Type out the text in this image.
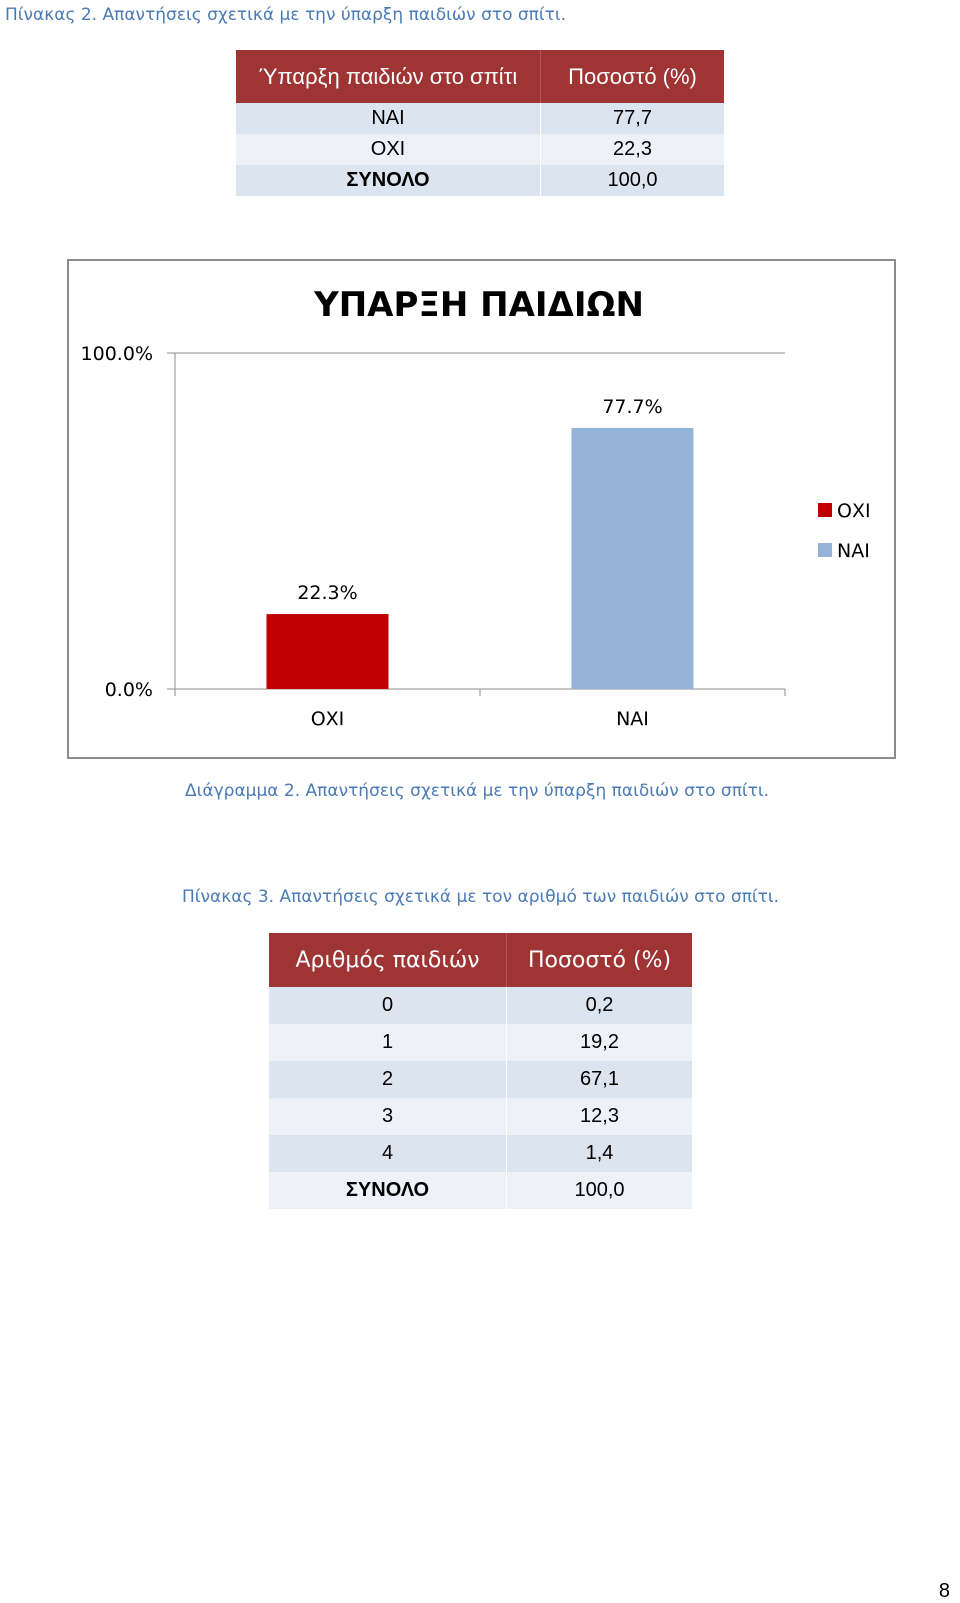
Πίνακας 2. Απαντήσεις σχετικά με την ύπαρξη παιδιών στο σπίτι.
Ύπαρξη παιδιών στο σπίτι	Ποσοστό (%)
ΝΑΙ	77,7
ΟΧΙ	22,3
ΣΥΝΟΛΟ	100,0
ΥΠΑΡΞΗ ΠΑΙΔΙΩΝ
0.0%
100.0%
22.3%
ΟΧΙ
77.7%
ΝΑΙ
ΟΧΙ
ΝΑΙ
Διάγραμμα 2. Απαντήσεις σχετικά με την ύπαρξη παιδιών στο σπίτι.
Πίνακας 3. Απαντήσεις σχετικά με τον αριθμό των παιδιών στο σπίτι.
Αριθμός παιδιών	Ποσοστό (%)
0	0,2
1	19,2
2	67,1
3	12,3
4	1,4
ΣΥΝΟΛΟ	100,0
8
